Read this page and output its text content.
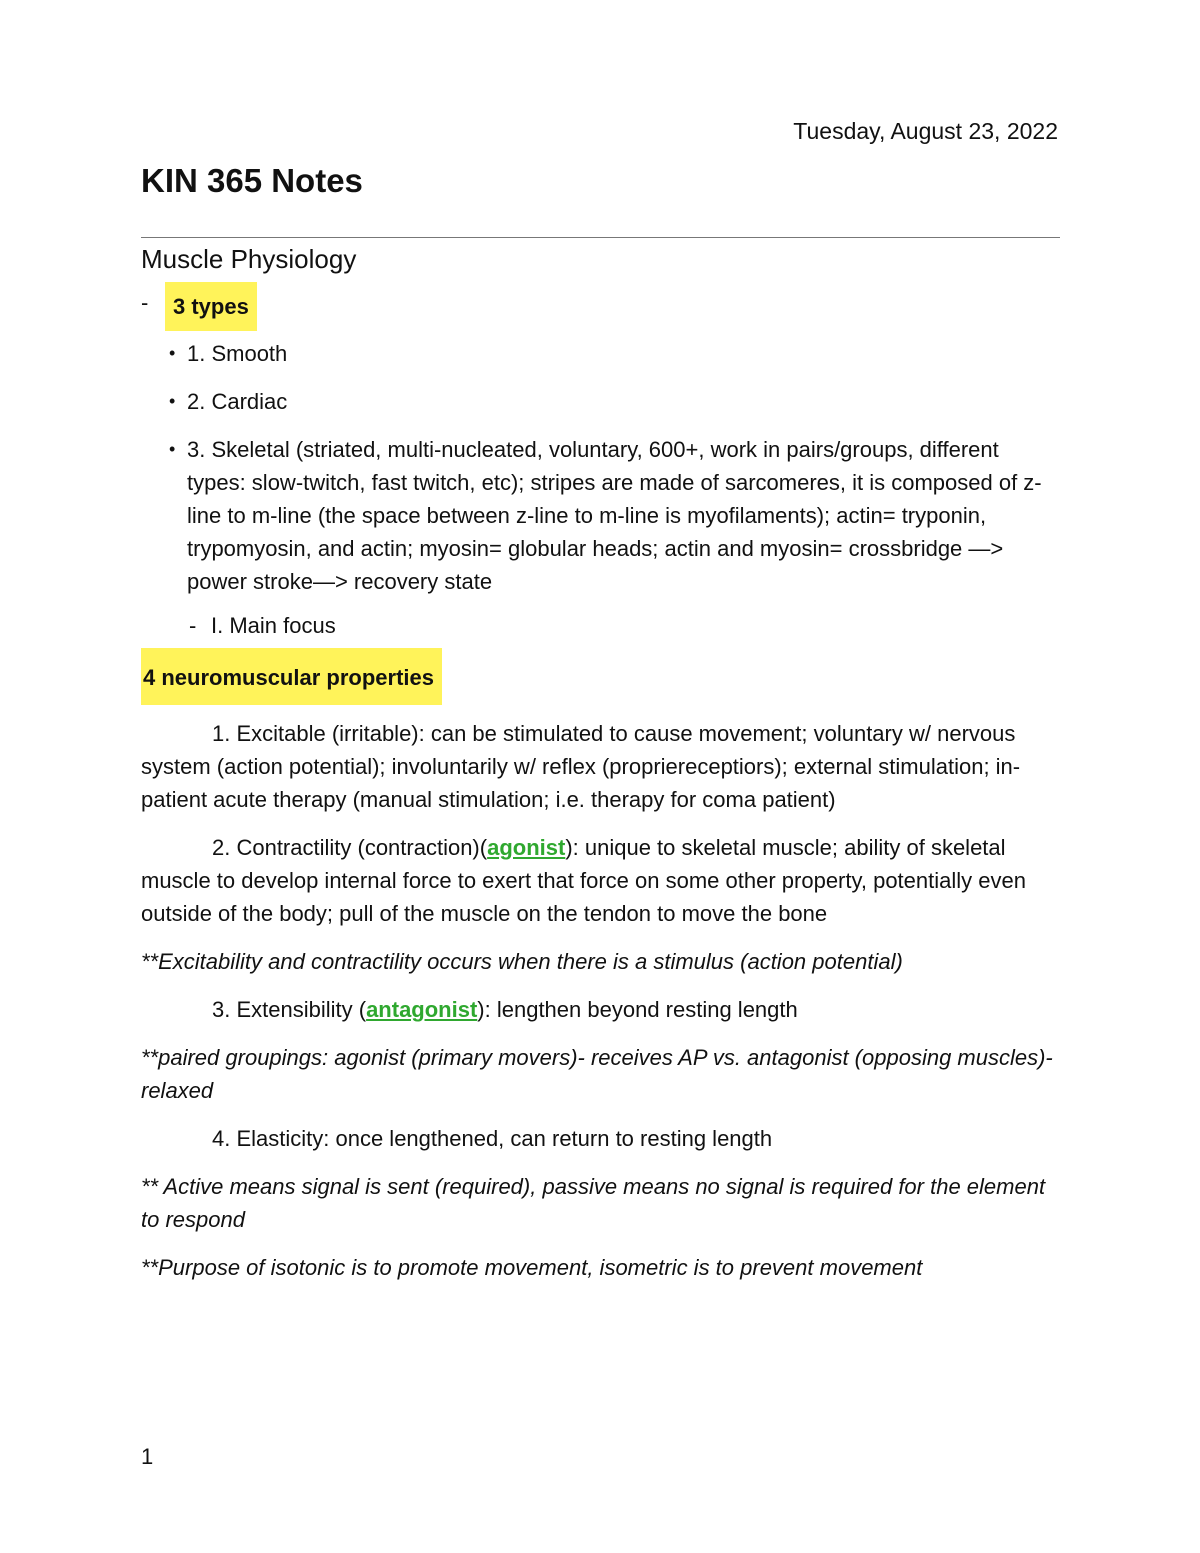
Tuesday, August 23, 2022
KIN 365 Notes
Muscle Physiology
-	3 types
• 1. Smooth
• 2. Cardiac
• 3. Skeletal (striated, multi-nucleated, voluntary, 600+, work in pairs/groups, different types: slow-twitch, fast twitch, etc); stripes are made of sarcomeres, it is composed of z-line to m-line (the space between z-line to m-line is myofilaments); actin= tryponin, trypomyosin, and actin; myosin= globular heads; actin and myosin= crossbridge —> power stroke—> recovery state
- I. Main focus
4 neuromuscular properties

1. Excitable (irritable): can be stimulated to cause movement; voluntary w/ nervous system (action potential); involuntarily w/ reflex (propriereceptiors); external stimulation; in-patient acute therapy (manual stimulation; i.e. therapy for coma patient)

2. Contractility (contraction)(agonist): unique to skeletal muscle; ability of skeletal muscle to develop internal force to exert that force on some other property, potentially even outside of the body; pull of the muscle on the tendon to move the bone

**Excitability and contractility occurs when there is a stimulus (action potential)

3. Extensibility (antagonist): lengthen beyond resting length

**paired groupings: agonist (primary movers)- receives AP vs. antagonist (opposing muscles)- relaxed

4. Elasticity: once lengthened, can return to resting length

** Active means signal is sent (required), passive means no signal is required for the element to respond

**Purpose of isotonic is to promote movement, isometric is to prevent movement

1
